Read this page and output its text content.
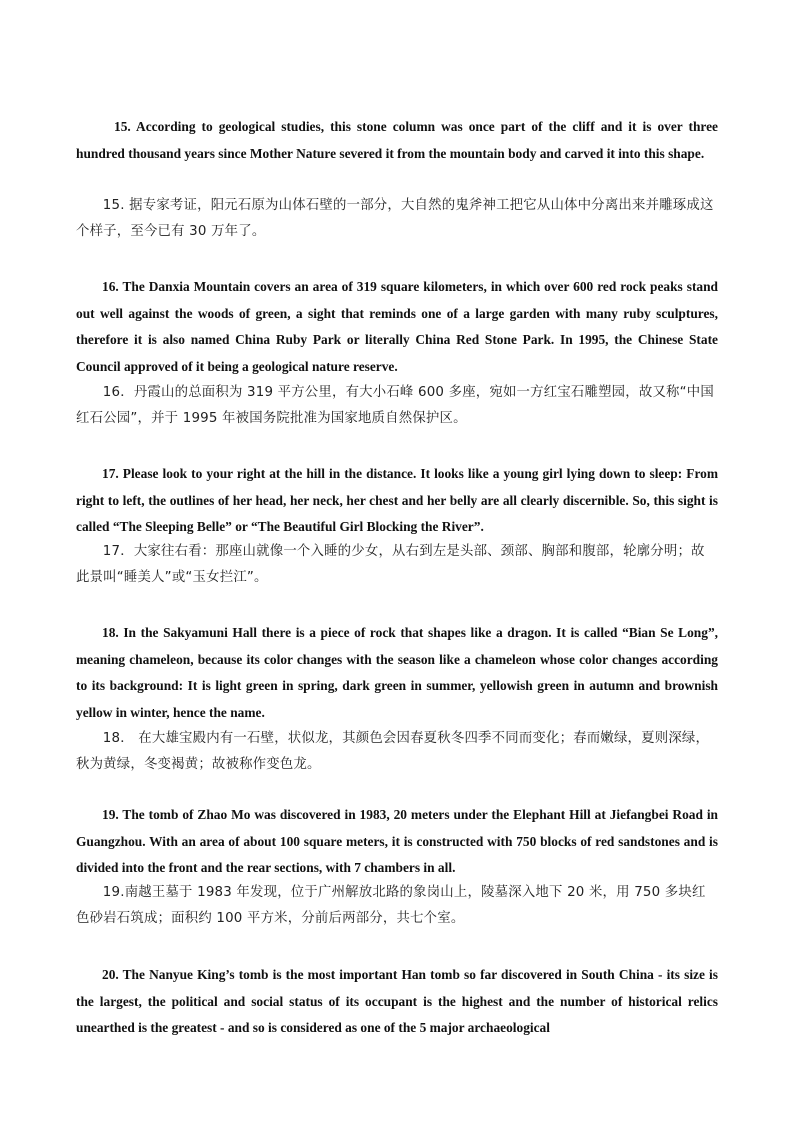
15. According to geological studies, this stone column was once part of the cliff and it is over three hundred thousand years since Mother Nature severed it from the mountain body and carved it into this shape.

15. 据专家考证，阳元石原为山体石壁的一部分，大自然的鬼斧神工把它从山体中分离出来并雕琢成这个样子，至今已有 30 万年了。

16. The Danxia Mountain covers an area of 319 square kilometers, in which over 600 red rock peaks stand out well against the woods of green, a sight that reminds one of a large garden with many ruby sculptures, therefore it is also named China Ruby Park or literally China Red Stone Park. In 1995, the Chinese State Council approved of it being a geological nature reserve.

16．丹霞山的总面积为 319 平方公里，有大小石峰 600 多座，宛如一方红宝石雕塑园，故又称“中国红石公园”，并于 1995 年被国务院批准为国家地质自然保护区。

17. Please look to your right at the hill in the distance. It looks like a young girl lying down to sleep: From right to left, the outlines of her head, her neck, her chest and her belly are all clearly discernible. So, this sight is called “The Sleeping Belle” or “The Beautiful Girl Blocking the River”.

17．大家往右看：那座山就像一个入睡的少女，从右到左是头部、颈部、胸部和腹部，轮廓分明；故此景叫“睡美人”或“玉女拦江”。

18. In the Sakyamuni Hall there is a piece of rock that shapes like a dragon. It is called “Bian Se Long”, meaning chameleon, because its color changes with the season like a chameleon whose color changes according to its background: It is light green in spring, dark green in summer, yellowish green in autumn and brownish yellow in winter, hence the name.

18． 在大雄宝殿内有一石壁，状似龙，其颜色会因春夏秋冬四季不同而变化；春而嫩绿，夏则深绿，秋为黄绿，冬变褐黄；故被称作变色龙。

19. The tomb of Zhao Mo was discovered in 1983, 20 meters under the Elephant Hill at Jiefangbei Road in Guangzhou. With an area of about 100 square meters, it is constructed with 750 blocks of red sandstones and is divided into the front and the rear sections, with 7 chambers in all.

19.南越王墓于 1983 年发现，位于广州解放北路的象岗山上，陵墓深入地下 20 米，用 750 多块红色砂岩石筑成；面积约 100 平方米，分前后两部分，共七个室。

20. The Nanyue King’s tomb is the most important Han tomb so far discovered in South China - its size is the largest, the political and social status of its occupant is the highest and the number of historical relics unearthed is the greatest - and so is considered as one of the 5 major archaeological
